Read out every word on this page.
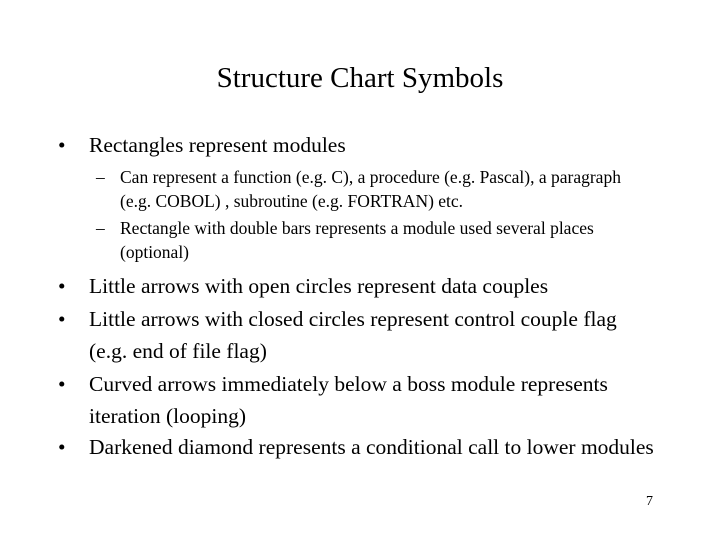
Structure Chart Symbols
•	Rectangles represent modules
– Can represent a function (e.g. C), a procedure (e.g. Pascal), a paragraph (e.g. COBOL) , subroutine (e.g. FORTRAN) etc.
– Rectangle with double bars represents a module used several places (optional)
•	Little arrows with open circles represent data couples
•	Little arrows with closed circles represent control couple flag (e.g. end of file flag)
•	Curved arrows immediately below a boss module represents iteration (looping)
•	Darkened diamond represents a conditional call to lower modules
7
